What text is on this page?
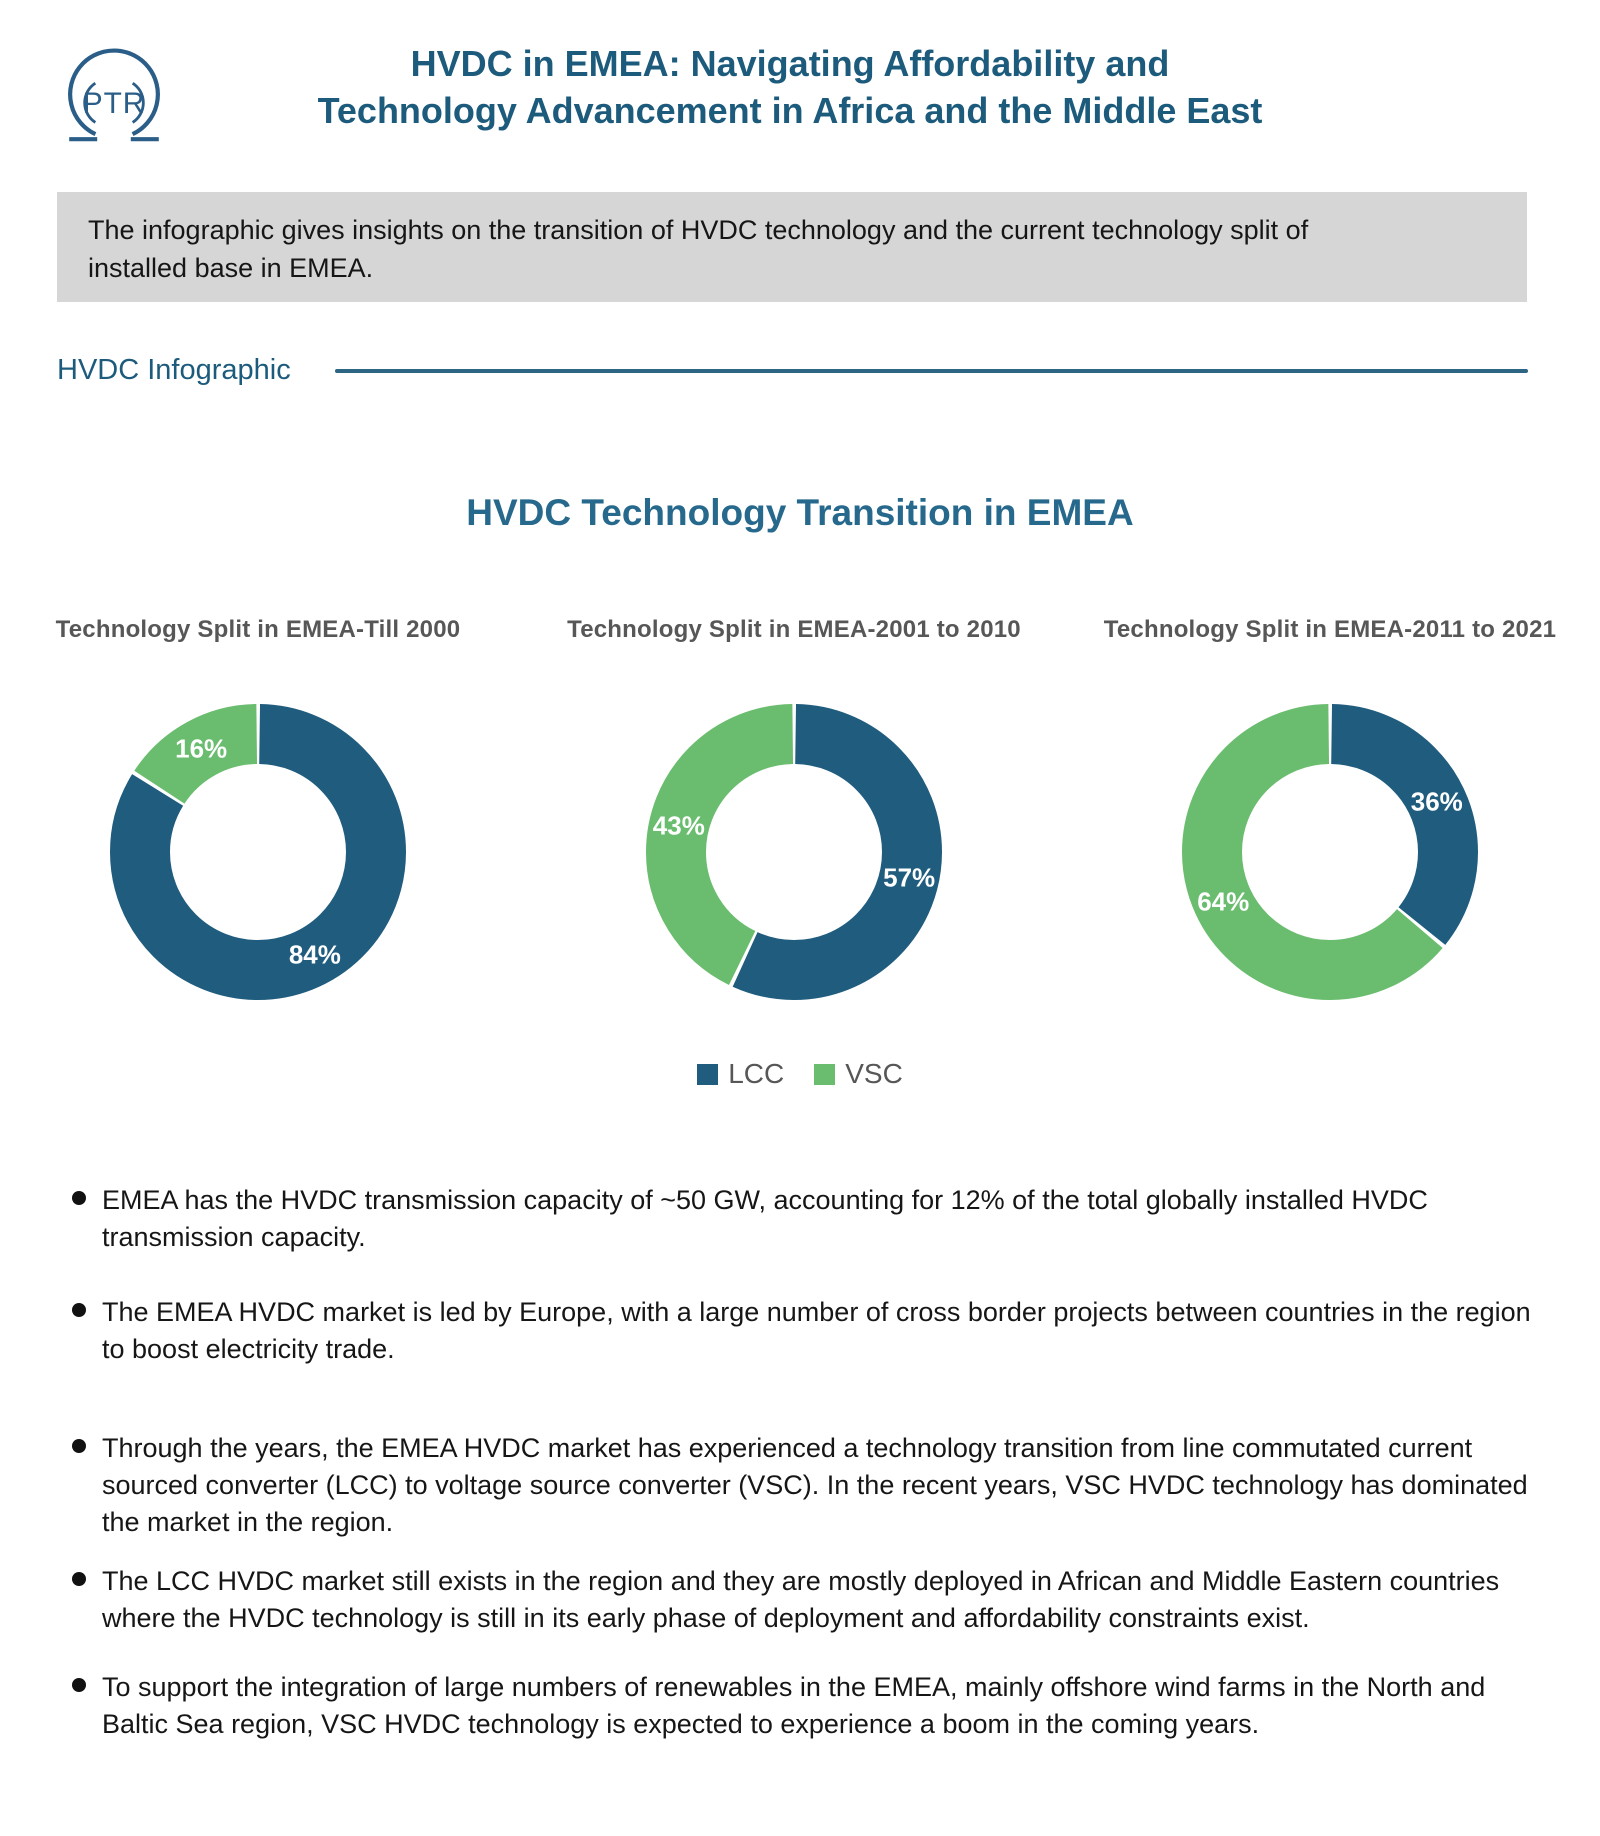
PTR
HVDC in EMEA: Navigating Affordability and
Technology Advancement in Africa and the Middle East

The infographic gives insights on the transition of HVDC technology and the current technology split of installed base in EMEA.

HVDC Infographic
HVDC Technology Transition in EMEA
Technology Split in EMEA-Till 2000
84%
16%
Technology Split in EMEA-2001 to 2010
57%
43%
Technology Split in EMEA-2011 to 2021
36%
64%
LCC VSC
EMEA has the HVDC transmission capacity of ~50 GW, accounting for 12% of the total globally installed HVDC transmission capacity.
The EMEA HVDC market is led by Europe, with a large number of cross border projects between countries in the region to boost electricity trade.
Through the years, the EMEA HVDC market has experienced a technology transition from line commutated current sourced converter (LCC) to voltage source converter (VSC). In the recent years, VSC HVDC technology has dominated the market in the region.
The LCC HVDC market still exists in the region and they are mostly deployed in African and Middle Eastern countries where the HVDC technology is still in its early phase of deployment and affordability constraints exist.
To support the integration of large numbers of renewables in the EMEA, mainly offshore wind farms in the North and Baltic Sea region, VSC HVDC technology is expected to experience a boom in the coming years.
